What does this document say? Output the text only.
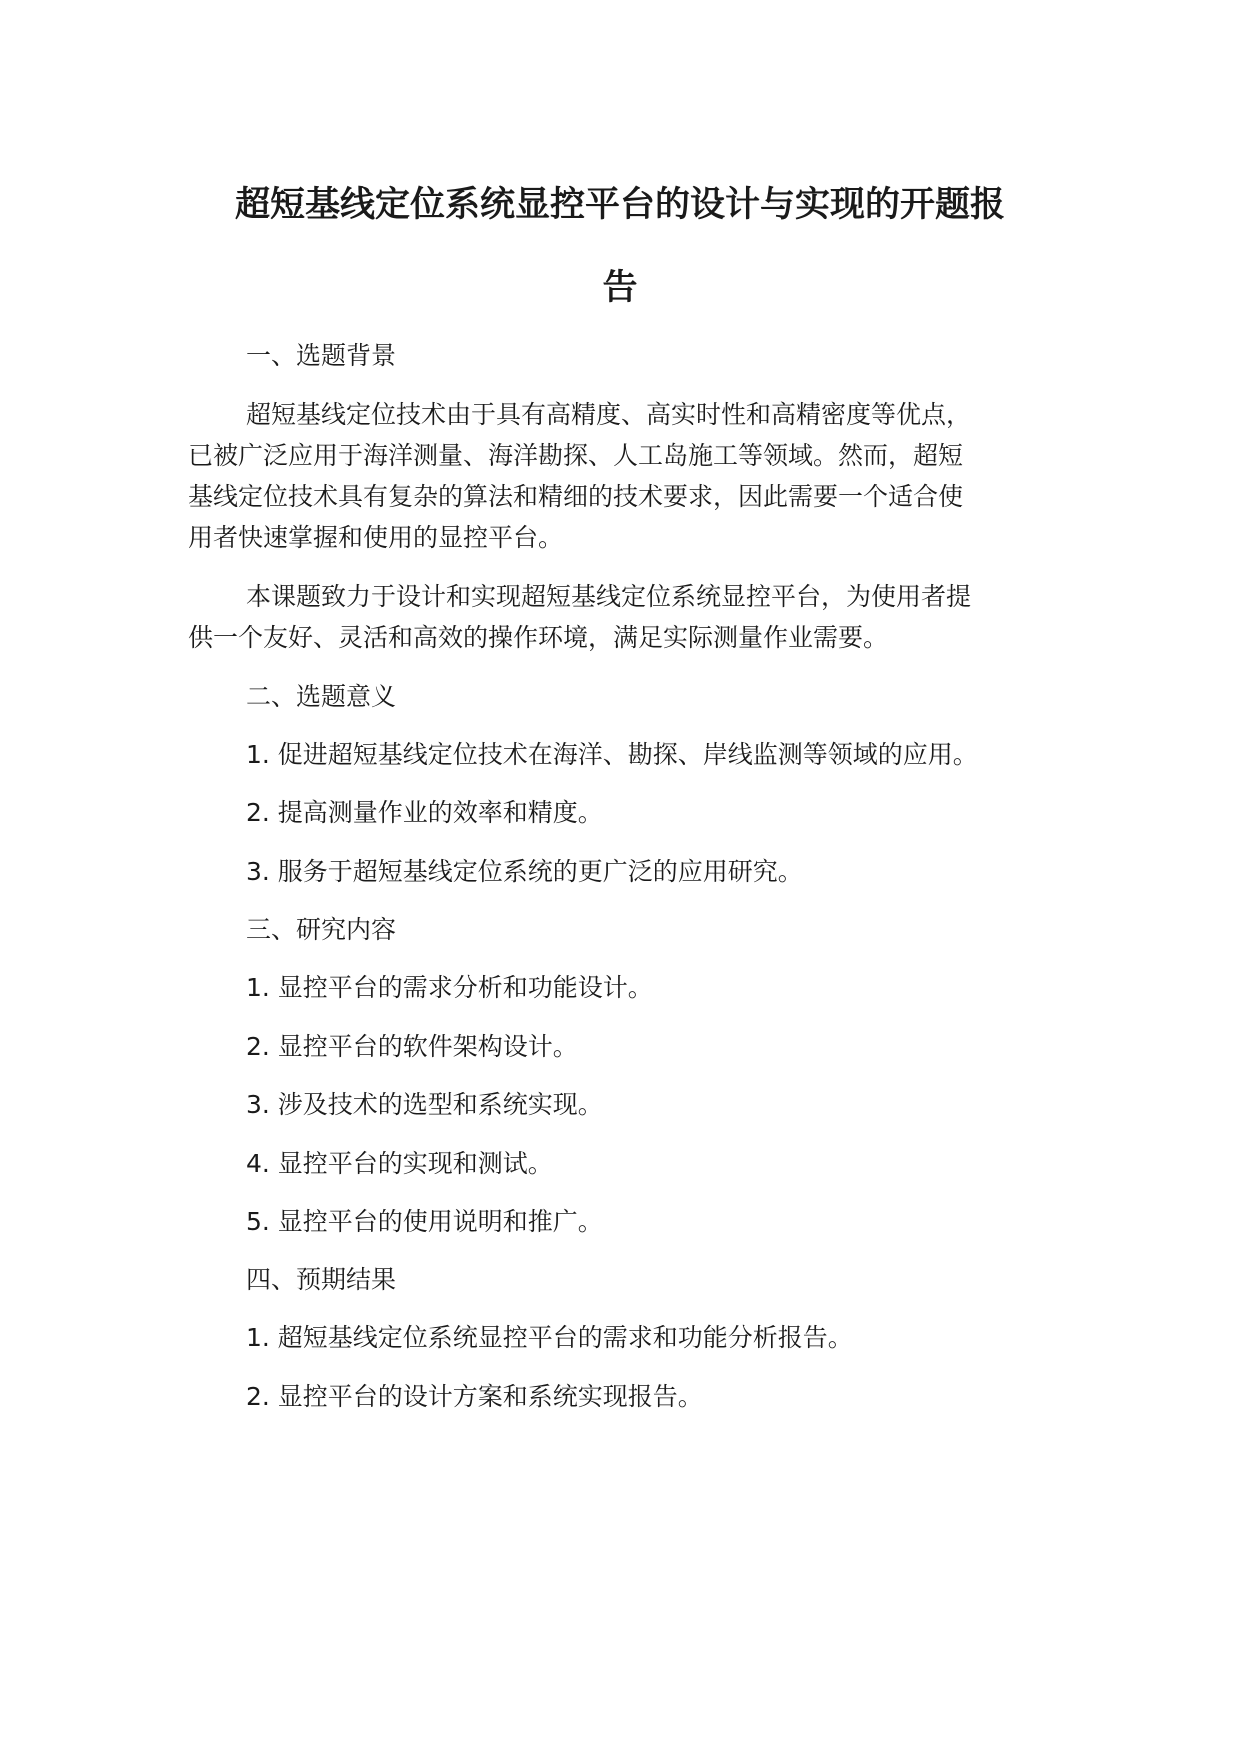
超短基线定位系统显控平台的设计与实现的开题报
告
一、选题背景
超短基线定位技术由于具有高精度、高实时性和高精密度等优点，
已被广泛应用于海洋测量、海洋勘探、人工岛施工等领域。然而，超短
基线定位技术具有复杂的算法和精细的技术要求，因此需要一个适合使
用者快速掌握和使用的显控平台。
本课题致力于设计和实现超短基线定位系统显控平台，为使用者提
供一个友好、灵活和高效的操作环境，满足实际测量作业需要。
二、选题意义
1. 促进超短基线定位技术在海洋、勘探、岸线监测等领域的应用。
2. 提高测量作业的效率和精度。
3. 服务于超短基线定位系统的更广泛的应用研究。
三、研究内容
1. 显控平台的需求分析和功能设计。
2. 显控平台的软件架构设计。
3. 涉及技术的选型和系统实现。
4. 显控平台的实现和测试。
5. 显控平台的使用说明和推广。
四、预期结果
1. 超短基线定位系统显控平台的需求和功能分析报告。
2. 显控平台的设计方案和系统实现报告。
